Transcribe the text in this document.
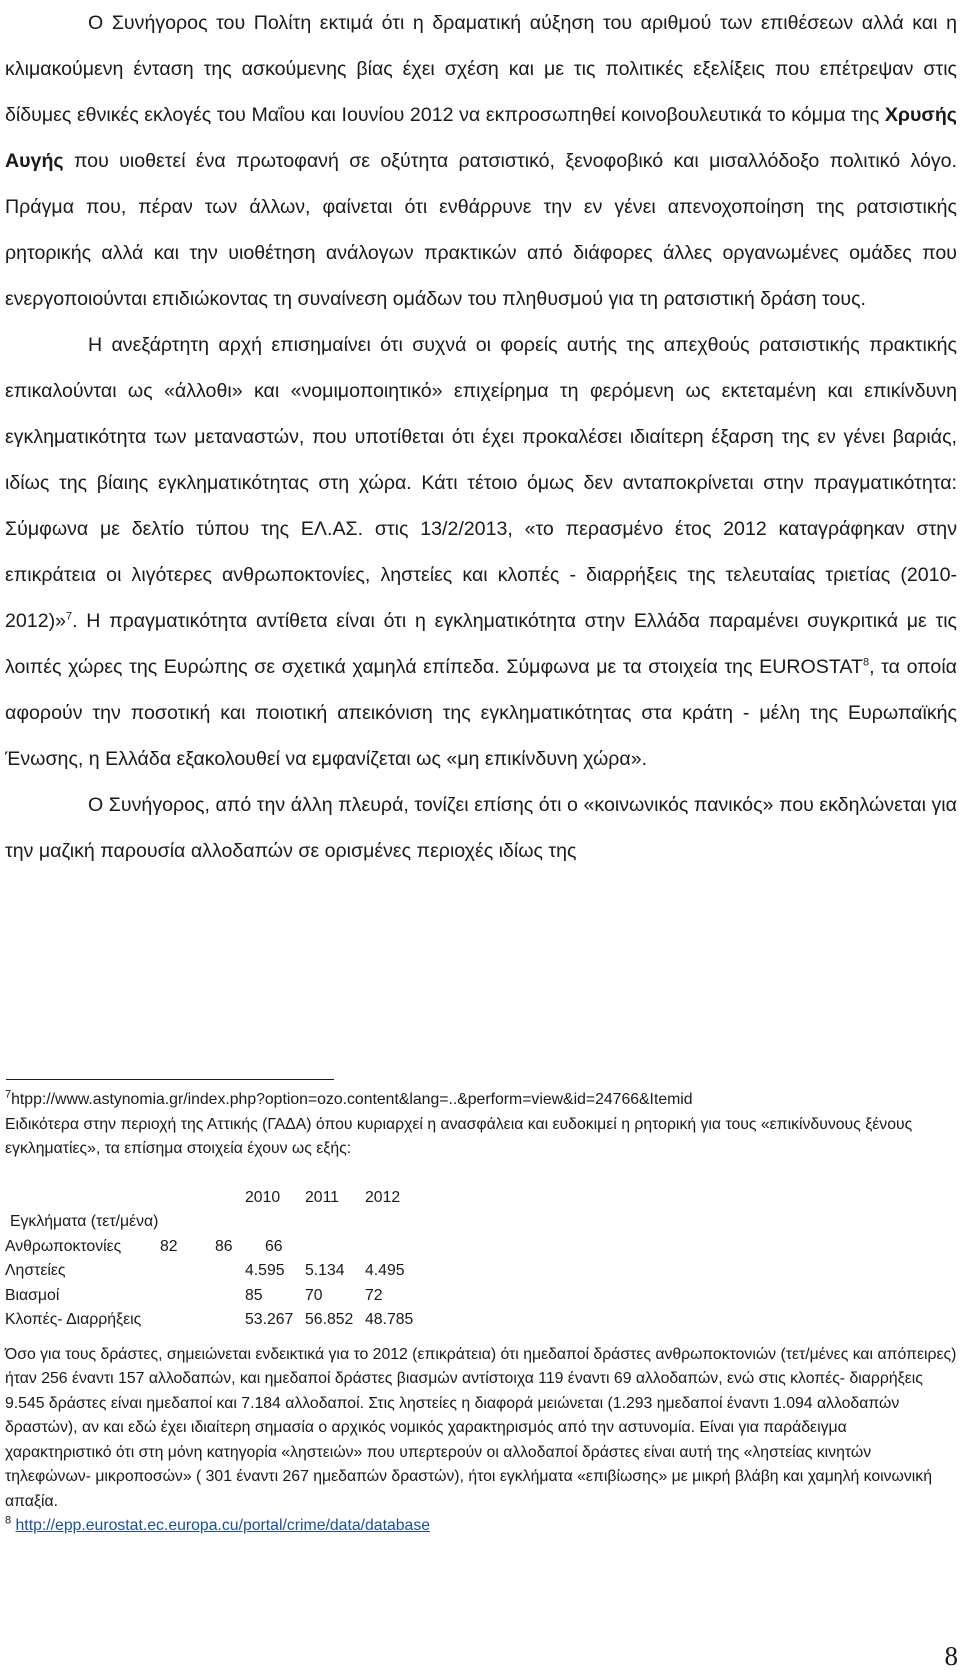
Ο Συνήγορος του Πολίτη εκτιμά ότι η δραματική αύξηση του αριθμού των επιθέσεων αλλά και η κλιμακούμενη ένταση της ασκούμενης βίας έχει σχέση και με τις πολιτικές εξελίξεις που επέτρεψαν στις δίδυμες εθνικές εκλογές του Μαΐου και Ιουνίου 2012 να εκπροσωπηθεί κοινοβουλευτικά το κόμμα της Χρυσής Αυγής που υιοθετεί ένα πρωτοφανή σε οξύτητα ρατσιστικό, ξενοφοβικό και μισαλλόδοξο πολιτικό λόγο. Πράγμα που, πέραν των άλλων, φαίνεται ότι ενθάρρυνε την εν γένει απενοχοποίηση της ρατσιστικής ρητορικής αλλά και την υιοθέτηση ανάλογων πρακτικών από διάφορες άλλες οργανωμένες ομάδες που ενεργοποιούνται επιδιώκοντας τη συναίνεση ομάδων του πληθυσμού για τη ρατσιστική δράση τους.

Η ανεξάρτητη αρχή επισημαίνει ότι συχνά οι φορείς αυτής της απεχθούς ρατσιστικής πρακτικής επικαλούνται ως «άλλοθι» και «νομιμοποιητικό» επιχείρημα τη φερόμενη ως εκτεταμένη και επικίνδυνη εγκληματικότητα των μεταναστών, που υποτίθεται ότι έχει προκαλέσει ιδιαίτερη έξαρση της εν γένει βαριάς, ιδίως της βίαιης εγκληματικότητας στη χώρα. Κάτι τέτοιο όμως δεν ανταποκρίνεται στην πραγματικότητα: Σύμφωνα με δελτίο τύπου της ΕΛ.ΑΣ. στις 13/2/2013, «το περασμένο έτος 2012 καταγράφηκαν στην επικράτεια οι λιγότερες ανθρωποκτονίες, ληστείες και κλοπές - διαρρήξεις της τελευταίας τριετίας (2010-2012)»$^7$. Η πραγματικότητα αντίθετα είναι ότι η εγκληματικότητα στην Ελλάδα παραμένει συγκριτικά με τις λοιπές χώρες της Ευρώπης σε σχετικά χαμηλά επίπεδα. Σύμφωνα με τα στοιχεία της EUROSTAT$^8$, τα οποία αφορούν την ποσοτική και ποιοτική απεικόνιση της εγκληματικότητας στα κράτη - μέλη της Ευρωπαϊκής Ένωσης, η Ελλάδα εξακολουθεί να εμφανίζεται ως «μη επικίνδυνη χώρα».

Ο Συνήγορος, από την άλλη πλευρά, τονίζει επίσης ότι ο «κοινωνικός πανικός» που εκδηλώνεται για την μαζική παρουσία αλλοδαπών σε ορισμένες περιοχές ιδίως της

$^7$htpp://www.astynomia.gr/index.php?option=ozo.content&lang=..&perform=view&id=24766&Itemid

Ειδικότερα στην περιοχή της Αττικής (ΓΑΔΑ) όπου κυριαρχεί η ανασφάλεια και ευδοκιμεί η ρητορική για τους «επικίνδυνους ξένους εγκληματίες», τα επίσημα στοιχεία έχουν ως εξής:

		2010	2011	2012
Εγκλήματα (τετ/μένα)				
Ανθρωποκτονίες 82 86 66				
Ληστείες		4.595	5.134	4.495
Βιασμοί		85	70	72
Κλοπές- Διαρρήξεις		53.267	56.852	48.785

Όσο για τους δράστες, σημειώνεται ενδεικτικά για το 2012 (επικράτεια) ότι ημεδαποί δράστες ανθρωποκτονιών (τετ/μένες και απόπειρες) ήταν 256 έναντι 157 αλλοδαπών, και ημεδαποί δράστες βιασμών αντίστοιχα 119 έναντι 69 αλλοδαπών, ενώ στις κλοπές- διαρρήξεις 9.545 δράστες είναι ημεδαποί και 7.184 αλλοδαποί. Στις ληστείες η διαφορά μειώνεται (1.293 ημεδαποί έναντι 1.094 αλλοδαπών δραστών), αν και εδώ έχει ιδιαίτερη σημασία ο αρχικός νομικός χαρακτηρισμός από την αστυνομία. Είναι για παράδειγμα χαρακτηριστικό ότι στη μόνη κατηγορία «ληστειών» που υπερτερούν οι αλλοδαποί δράστες είναι αυτή της «ληστείας κινητών τηλεφώνων- μικροποσών» ( 301 έναντι 267 ημεδαπών δραστών), ήτοι εγκλήματα «επιβίωσης» με μικρή βλάβη και χαμηλή κοινωνική απαξία.

$^8$ http://epp.eurostat.ec.europa.cu/portal/crime/data/database

8
